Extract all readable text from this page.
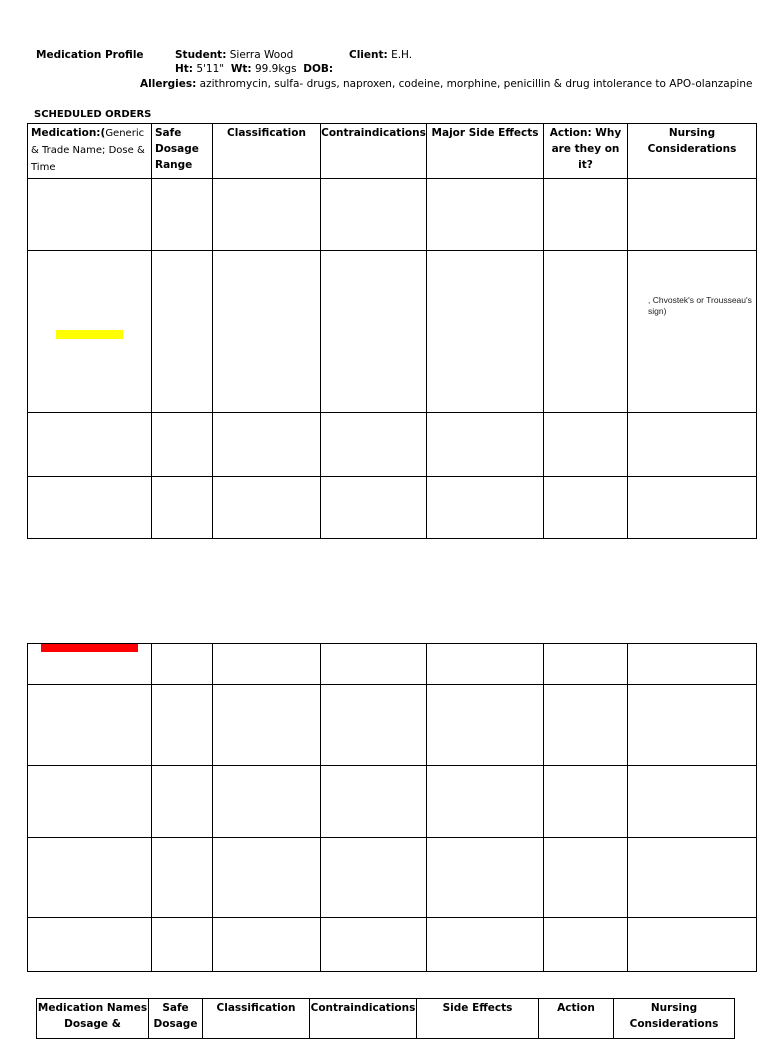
Medication Profile	Student: Sierra Wood	Client: E.H.
Ht: 5'11" Wt: 99.9kgs DOB:
Allergies: azithromycin, sulfa- drugs, naproxen, codeine, morphine, penicillin & drug intolerance to APO-olanzapine
SCHEDULED ORDERS
Medication:(Generic & Trade Name; Dose & Time	Safe Dosage Range	Classification	Contraindications	Major Side Effects	Action: Why are they on it?	Nursing Considerations

						, Chvostek's or Trousseau's sign)

Medication Names Dosage &	Safe Dosage	Classification	Contraindications	Side Effects	Action	Nursing Considerations
